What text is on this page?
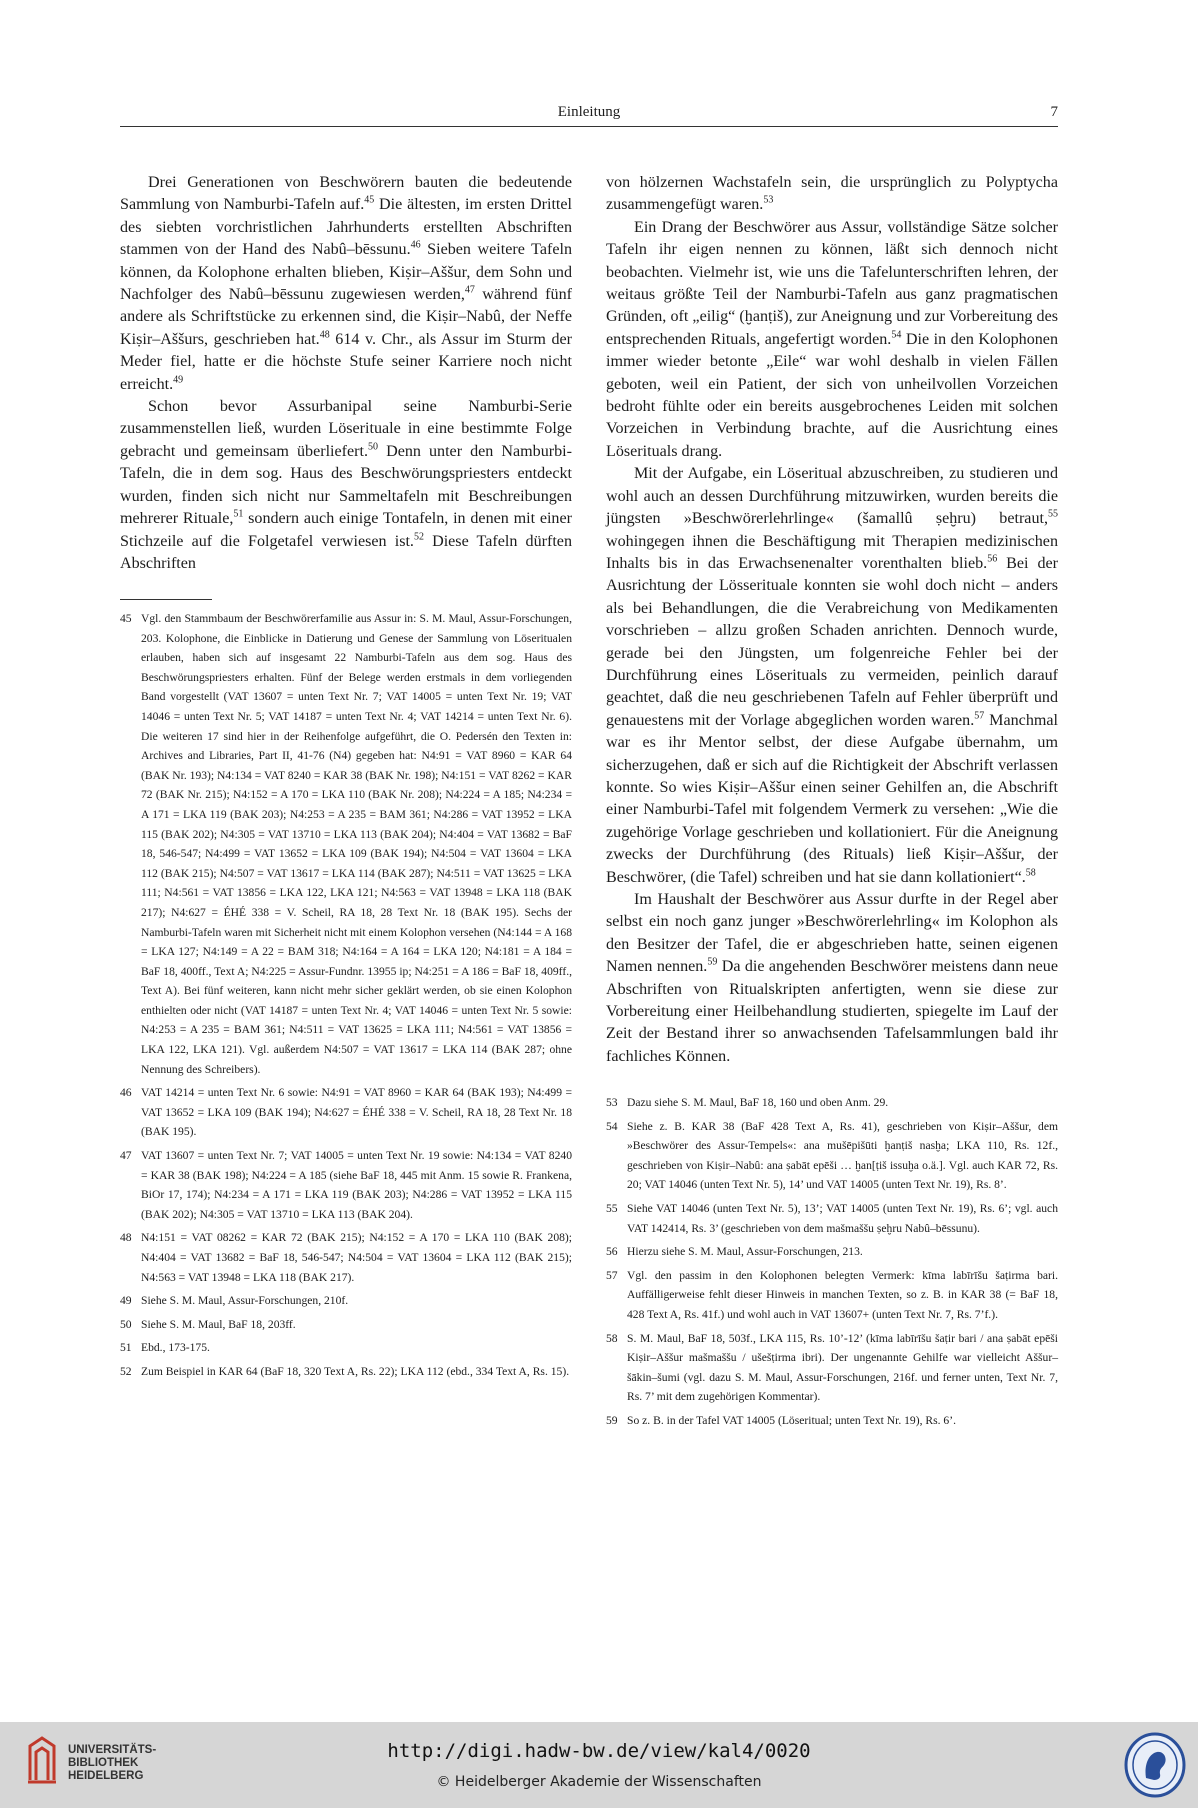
Einleitung	7

Drei Generationen von Beschwörern bauten die bedeutende Sammlung von Namburbi-Tafeln auf.$^{45}$ Die ältesten, im ersten Drittel des siebten vorchristlichen Jahrhunderts erstellten Abschriften stammen von der Hand des Nabû–bēssunu.$^{46}$ Sieben weitere Tafeln können, da Kolophone erhalten blieben, Kiṣir–Aššur, dem Sohn und Nachfolger des Nabû–bēssunu zugewiesen werden,$^{47}$ während fünf andere als Schriftstücke zu erkennen sind, die Kiṣir–Nabû, der Neffe Kiṣir–Aššurs, geschrieben hat.$^{48}$ 614 v. Chr., als Assur im Sturm der Meder fiel, hatte er die höchste Stufe seiner Karriere noch nicht erreicht.$^{49}$

Schon bevor Assurbanipal seine Namburbi-Serie zusammenstellen ließ, wurden Löserituale in eine bestimmte Folge gebracht und gemeinsam überliefert.$^{50}$ Denn unter den Namburbi-Tafeln, die in dem sog. Haus des Beschwörungspriesters entdeckt wurden, finden sich nicht nur Sammeltafeln mit Beschreibungen mehrerer Rituale,$^{51}$ sondern auch einige Tontafeln, in denen mit einer Stichzeile auf die Folgetafel verwiesen ist.$^{52}$ Diese Tafeln dürften Abschriften

von hölzernen Wachstafeln sein, die ursprünglich zu Polyptycha zusammengefügt waren.$^{53}$

Ein Drang der Beschwörer aus Assur, vollständige Sätze solcher Tafeln ihr eigen nennen zu können, läßt sich dennoch nicht beobachten. Vielmehr ist, wie uns die Tafelunterschriften lehren, der weitaus größte Teil der Namburbi-Tafeln aus ganz pragmatischen Gründen, oft „eilig“ (ḫanṭiš), zur Aneignung und zur Vorbereitung des entsprechenden Rituals, angefertigt worden.$^{54}$ Die in den Kolophonen immer wieder betonte „Eile“ war wohl deshalb in vielen Fällen geboten, weil ein Patient, der sich von unheilvollen Vorzeichen bedroht fühlte oder ein bereits ausgebrochenes Leiden mit solchen Vorzeichen in Verbindung brachte, auf die Ausrichtung eines Löserituals drang.

Mit der Aufgabe, ein Löseritual abzuschreiben, zu studieren und wohl auch an dessen Durchführung mitzuwirken, wurden bereits die jüngsten »Beschwörerlehrlinge« (šamallû ṣeḫru) betraut,$^{55}$ wohingegen ihnen die Beschäftigung mit Therapien medizinischen Inhalts bis in das Erwachsenenalter vorenthalten blieb.$^{56}$ Bei der Ausrichtung der Lösserituale konnten sie wohl doch nicht – anders als bei Behandlungen, die die Verabreichung von Medikamenten vorschrieben – allzu großen Schaden anrichten. Dennoch wurde, gerade bei den Jüngsten, um folgenreiche Fehler bei der Durchführung eines Löserituals zu vermeiden, peinlich darauf geachtet, daß die neu geschriebenen Tafeln auf Fehler überprüft und genauestens mit der Vorlage abgeglichen worden waren.$^{57}$ Manchmal war es ihr Mentor selbst, der diese Aufgabe übernahm, um sicherzugehen, daß er sich auf die Richtigkeit der Abschrift verlassen konnte. So wies Kiṣir–Aššur einen seiner Gehilfen an, die Abschrift einer Namburbi-Tafel mit folgendem Vermerk zu versehen: „Wie die zugehörige Vorlage geschrieben und kollationiert. Für die Aneignung zwecks der Durchführung (des Rituals) ließ Kiṣir–Aššur, der Beschwörer, (die Tafel) schreiben und hat sie dann kollationiert“.$^{58}$

Im Haushalt der Beschwörer aus Assur durfte in der Regel aber selbst ein noch ganz junger »Beschwörerlehrling« im Kolophon als den Besitzer der Tafel, die er abgeschrieben hatte, seinen eigenen Namen nennen.$^{59}$ Da die angehenden Beschwörer meistens dann neue Abschriften von Ritualskripten anfertigten, wenn sie diese zur Vorbereitung einer Heilbehandlung studierten, spiegelte im Lauf der Zeit der Bestand ihrer so anwachsenden Tafelsammlungen bald ihr fachliches Können.

45 Vgl. den Stammbaum der Beschwörerfamilie aus Assur in: S. M. Maul, Assur-Forschungen, 203. Kolophone, die Einblicke in Datierung und Genese der Sammlung von Löseritualen erlauben, haben sich auf insgesamt 22 Namburbi-Tafeln aus dem sog. Haus des Beschwörungspriesters erhalten. Fünf der Belege werden erstmals in dem vorliegenden Band vorgestellt (VAT 13607 = unten Text Nr. 7; VAT 14005 = unten Text Nr. 19; VAT 14046 = unten Text Nr. 5; VAT 14187 = unten Text Nr. 4; VAT 14214 = unten Text Nr. 6). Die weiteren 17 sind hier in der Reihenfolge aufgeführt, die O. Pedersén den Texten in: Archives and Libraries, Part II, 41-76 (N4) gegeben hat: N4:91 = VAT 8960 = KAR 64 (BAK Nr. 193); N4:134 = VAT 8240 = KAR 38 (BAK Nr. 198); N4:151 = VAT 8262 = KAR 72 (BAK Nr. 215); N4:152 = A 170 = LKA 110 (BAK Nr. 208); N4:224 = A 185; N4:234 = A 171 = LKA 119 (BAK 203); N4:253 = A 235 = BAM 361; N4:286 = VAT 13952 = LKA 115 (BAK 202); N4:305 = VAT 13710 = LKA 113 (BAK 204); N4:404 = VAT 13682 = BaF 18, 546-547; N4:499 = VAT 13652 = LKA 109 (BAK 194); N4:504 = VAT 13604 = LKA 112 (BAK 215); N4:507 = VAT 13617 = LKA 114 (BAK 287); N4:511 = VAT 13625 = LKA 111; N4:561 = VAT 13856 = LKA 122, LKA 121; N4:563 = VAT 13948 = LKA 118 (BAK 217); N4:627 = ÉHÉ 338 = V. Scheil, RA 18, 28 Text Nr. 18 (BAK 195). Sechs der Namburbi-Tafeln waren mit Sicherheit nicht mit einem Kolophon versehen (N4:144 = A 168 = LKA 127; N4:149 = A 22 = BAM 318; N4:164 = A 164 = LKA 120; N4:181 = A 184 = BaF 18, 400ff., Text A; N4:225 = Assur-Fundnr. 13955 ip; N4:251 = A 186 = BaF 18, 409ff., Text A). Bei fünf weiteren, kann nicht mehr sicher geklärt werden, ob sie einen Kolophon enthielten oder nicht (VAT 14187 = unten Text Nr. 4; VAT 14046 = unten Text Nr. 5 sowie: N4:253 = A 235 = BAM 361; N4:511 = VAT 13625 = LKA 111; N4:561 = VAT 13856 = LKA 122, LKA 121). Vgl. außerdem N4:507 = VAT 13617 = LKA 114 (BAK 287; ohne Nennung des Schreibers).
46 VAT 14214 = unten Text Nr. 6 sowie: N4:91 = VAT 8960 = KAR 64 (BAK 193); N4:499 = VAT 13652 = LKA 109 (BAK 194); N4:627 = ÉHÉ 338 = V. Scheil, RA 18, 28 Text Nr. 18 (BAK 195).
47 VAT 13607 = unten Text Nr. 7; VAT 14005 = unten Text Nr. 19 sowie: N4:134 = VAT 8240 = KAR 38 (BAK 198); N4:224 = A 185 (siehe BaF 18, 445 mit Anm. 15 sowie R. Frankena, BiOr 17, 174); N4:234 = A 171 = LKA 119 (BAK 203); N4:286 = VAT 13952 = LKA 115 (BAK 202); N4:305 = VAT 13710 = LKA 113 (BAK 204).
48 N4:151 = VAT 08262 = KAR 72 (BAK 215); N4:152 = A 170 = LKA 110 (BAK 208); N4:404 = VAT 13682 = BaF 18, 546-547; N4:504 = VAT 13604 = LKA 112 (BAK 215); N4:563 = VAT 13948 = LKA 118 (BAK 217).
49 Siehe S. M. Maul, Assur-Forschungen, 210f.
50 Siehe S. M. Maul, BaF 18, 203ff.
51 Ebd., 173-175.
52 Zum Beispiel in KAR 64 (BaF 18, 320 Text A, Rs. 22); LKA 112 (ebd., 334 Text A, Rs. 15).
53 Dazu siehe S. M. Maul, BaF 18, 160 und oben Anm. 29.
54 Siehe z. B. KAR 38 (BaF 428 Text A, Rs. 41), geschrieben von Kiṣir–Aššur, dem »Beschwörer des Assur-Tempels«: ana mušēpišūti ḫanṭiš nasḫa; LKA 110, Rs. 12f., geschrieben von Kiṣir–Nabû: ana ṣabāt epēši … ḫan[ṭiš issuḫa o.ä.]. Vgl. auch KAR 72, Rs. 20; VAT 14046 (unten Text Nr. 5), 14’ und VAT 14005 (unten Text Nr. 19), Rs. 8’.
55 Siehe VAT 14046 (unten Text Nr. 5), 13’; VAT 14005 (unten Text Nr. 19), Rs. 6’; vgl. auch VAT 142414, Rs. 3’ (geschrieben von dem mašmaššu ṣeḫru Nabû–bēssunu).
56 Hierzu siehe S. M. Maul, Assur-Forschungen, 213.
57 Vgl. den passim in den Kolophonen belegten Vermerk: kīma labīrīšu šaṭirma bari. Auffälligerweise fehlt dieser Hinweis in manchen Texten, so z. B. in KAR 38 (= BaF 18, 428 Text A, Rs. 41f.) und wohl auch in VAT 13607+ (unten Text Nr. 7, Rs. 7’f.).
58 S. M. Maul, BaF 18, 503f., LKA 115, Rs. 10’-12’ (kīma labīrīšu šaṭir bari / ana ṣabāt epēši Kiṣir–Aššur mašmaššu / ušešṭirma ibri). Der ungenannte Gehilfe war vielleicht Aššur–šākin–šumi (vgl. dazu S. M. Maul, Assur-Forschungen, 216f. und ferner unten, Text Nr. 7, Rs. 7’ mit dem zugehörigen Kommentar).
59 So z. B. in der Tafel VAT 14005 (Löseritual; unten Text Nr. 19), Rs. 6’.
UNIVERSITÄTS-
BIBLIOTHEK
HEIDELBERG
http://digi.hadw-bw.de/view/kal4/0020
© Heidelberger Akademie der Wissenschaften
